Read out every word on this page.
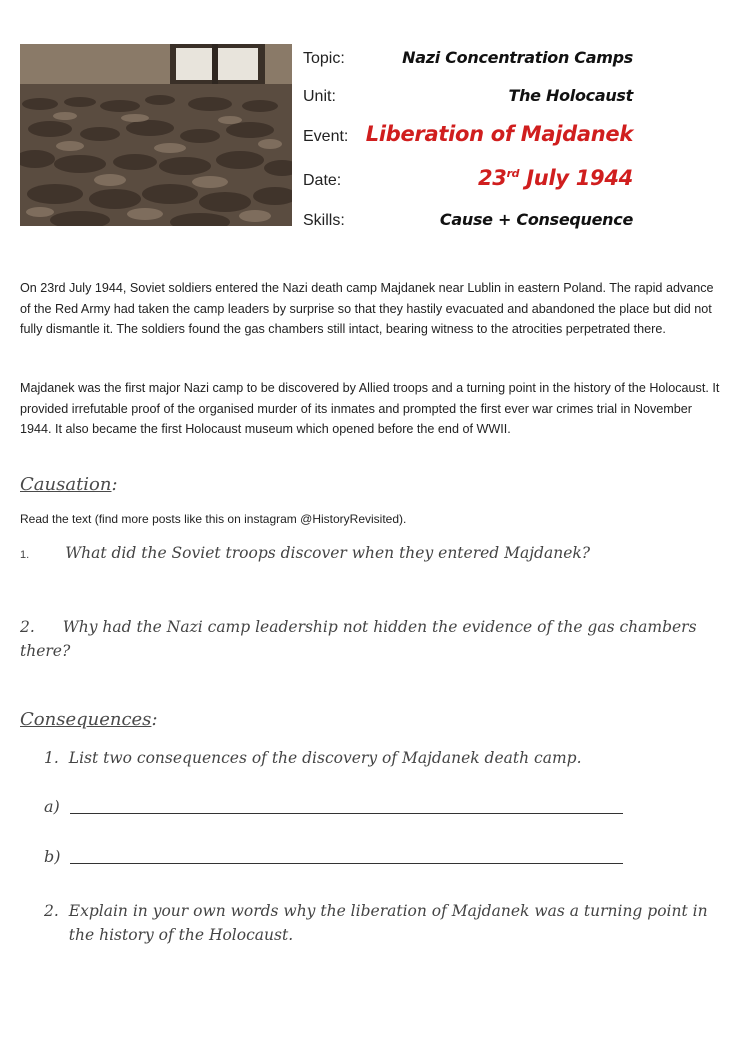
Topic:	Nazi Concentration Camps
Unit:	The Holocaust
Event: Liberation of Majdanek
Date:	23rd July 1944
Skills:	Cause + Consequence
On 23rd July 1944, Soviet soldiers entered the Nazi death camp Majdanek near Lublin in eastern Poland. The rapid advance of the Red Army had taken the camp leaders by surprise so that they hastily evacuated and abandoned the place but did not fully dismantle it. The soldiers found the gas chambers still intact, bearing witness to the atrocities perpetrated there.
Majdanek was the first major Nazi camp to be discovered by Allied troops and a turning point in the history of the Holocaust. It provided irrefutable proof of the organised murder of its inmates and prompted the first ever war crimes trial in November 1944. It also became the first Holocaust museum which opened before the end of WWII.
Causation:
Read the text (find more posts like this on instagram @HistoryRevisited).
1. What did the Soviet troops discover when they entered Majdanek?
2. Why had the Nazi camp leadership not hidden the evidence of the gas chambers there?
Consequences:
1. List two consequences of the discovery of Majdanek death camp.
a)
b)
2. Explain in your own words why the liberation of Majdanek was a turning point in the history of the Holocaust.
